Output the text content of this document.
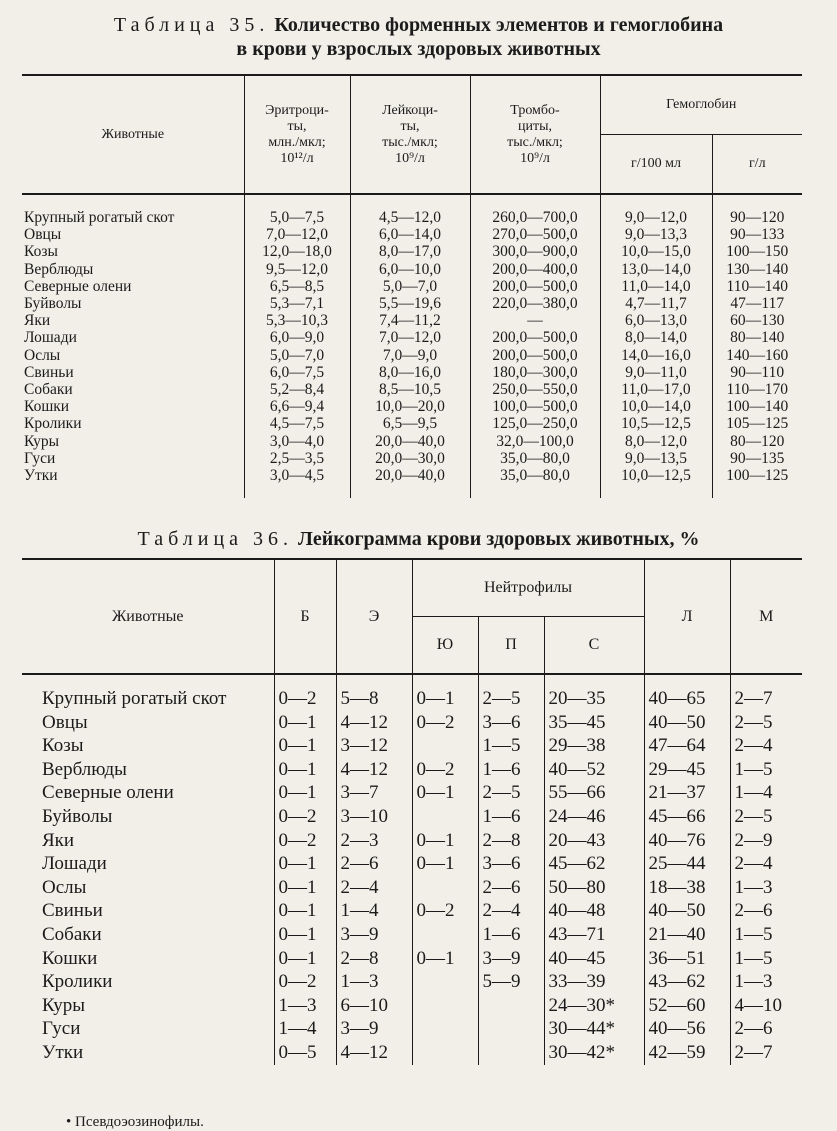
Таблица 35. Количество форменных элементов и гемоглобина
в крови у взрослых здоровых животных
Животные	Эритроци-
ты,
млн./мкл;
10¹²/л	Лейкоци-
ты,
тыс./мкл;
10⁹/л	Тромбо-
циты,
тыс./мкл;
10⁹/л	Гемоглобин	
				г/100 мл	г/л
Крупный рогатый скот	5,0—7,5	4,5—12,0	260,0—700,0	9,0—12,0	90—120
Овцы	7,0—12,0	6,0—14,0	270,0—500,0	9,0—13,3	90—133
Козы	12,0—18,0	8,0—17,0	300,0—900,0	10,0—15,0	100—150
Верблюды	9,5—12,0	6,0—10,0	200,0—400,0	13,0—14,0	130—140
Северные олени	6,5—8,5	5,0—7,0	200,0—500,0	11,0—14,0	110—140
Буйволы	5,3—7,1	5,5—19,6	220,0—380,0	4,7—11,7	47—117
Яки	5,3—10,3	7,4—11,2	—	6,0—13,0	60—130
Лошади	6,0—9,0	7,0—12,0	200,0—500,0	8,0—14,0	80—140
Ослы	5,0—7,0	7,0—9,0	200,0—500,0	14,0—16,0	140—160
Свиньи	6,0—7,5	8,0—16,0	180,0—300,0	9,0—11,0	90—110
Собаки	5,2—8,4	8,5—10,5	250,0—550,0	11,0—17,0	110—170
Кошки	6,6—9,4	10,0—20,0	100,0—500,0	10,0—14,0	100—140
Кролики	4,5—7,5	6,5—9,5	125,0—250,0	10,5—12,5	105—125
Куры	3,0—4,0	20,0—40,0	32,0—100,0	8,0—12,0	80—120
Гуси	2,5—3,5	20,0—30,0	35,0—80,0	9,0—13,5	90—135
Утки	3,0—4,5	20,0—40,0	35,0—80,0	10,0—12,5	100—125
Таблица 36. Лейкограмма крови здоровых животных, %
Животные	Б	Э	Нейтрофилы			Л	М
			Ю	П	С		
Крупный рогатый скот	0—2	5—8	0—1	2—5	20—35	40—65	2—7
Овцы	0—1	4—12	0—2	3—6	35—45	40—50	2—5
Козы	0—1	3—12		1—5	29—38	47—64	2—4
Верблюды	0—1	4—12	0—2	1—6	40—52	29—45	1—5
Северные олени	0—1	3—7	0—1	2—5	55—66	21—37	1—4
Буйволы	0—2	3—10		1—6	24—46	45—66	2—5
Яки	0—2	2—3	0—1	2—8	20—43	40—76	2—9
Лошади	0—1	2—6	0—1	3—6	45—62	25—44	2—4
Ослы	0—1	2—4		2—6	50—80	18—38	1—3
Свиньи	0—1	1—4	0—2	2—4	40—48	40—50	2—6
Собаки	0—1	3—9		1—6	43—71	21—40	1—5
Кошки	0—1	2—8	0—1	3—9	40—45	36—51	1—5
Кролики	0—2	1—3		5—9	33—39	43—62	1—3
Куры	1—3	6—10			24—30*	52—60	4—10
Гуси	1—4	3—9			30—44*	40—56	2—6
Утки	0—5	4—12			30—42*	42—59	2—7
• Псевдоэозинофилы.
